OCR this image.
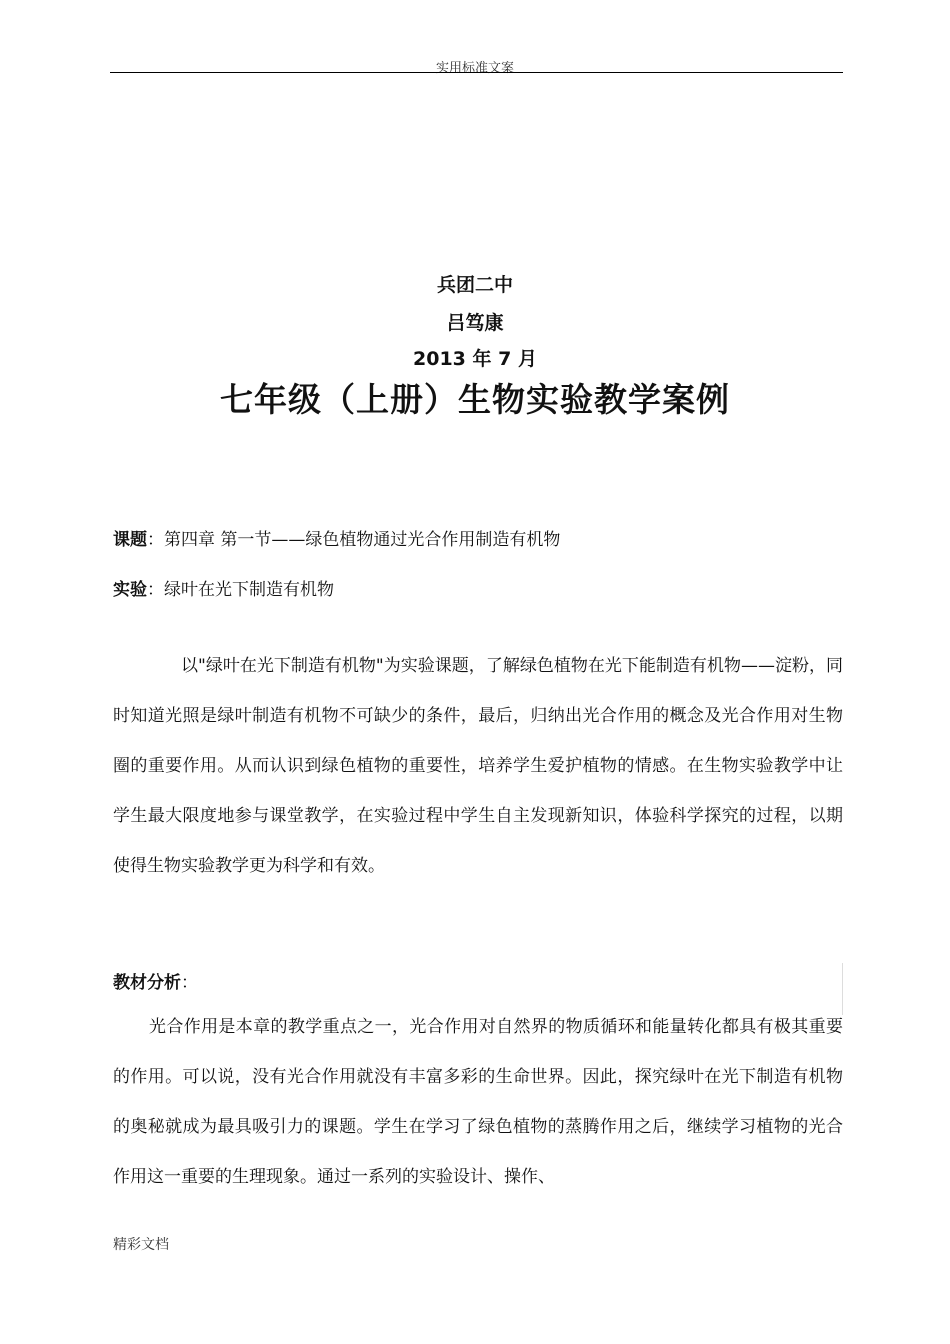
实用标准文案
兵团二中
吕笃康
2013 年 7 月
七年级（上册）生物实验教学案例
课题：第四章 第一节——绿色植物通过光合作用制造有机物
实验：绿叶在光下制造有机物

以"绿叶在光下制造有机物"为实验课题，了解绿色植物在光下能制造有机物——淀粉，同时知道光照是绿叶制造有机物不可缺少的条件，最后，归纳出光合作用的概念及光合作用对生物圈的重要作用。从而认识到绿色植物的重要性，培养学生爱护植物的情感。在生物实验教学中让学生最大限度地参与课堂教学，在实验过程中学生自主发现新知识，体验科学探究的过程，以期使得生物实验教学更为科学和有效。

教材分析：

光合作用是本章的教学重点之一，光合作用对自然界的物质循环和能量转化都具有极其重要的作用。可以说，没有光合作用就没有丰富多彩的生命世界。因此，探究绿叶在光下制造有机物的奥秘就成为最具吸引力的课题。学生在学习了绿色植物的蒸腾作用之后，继续学习植物的光合作用这一重要的生理现象。通过一系列的实验设计、操作、

精彩文档
